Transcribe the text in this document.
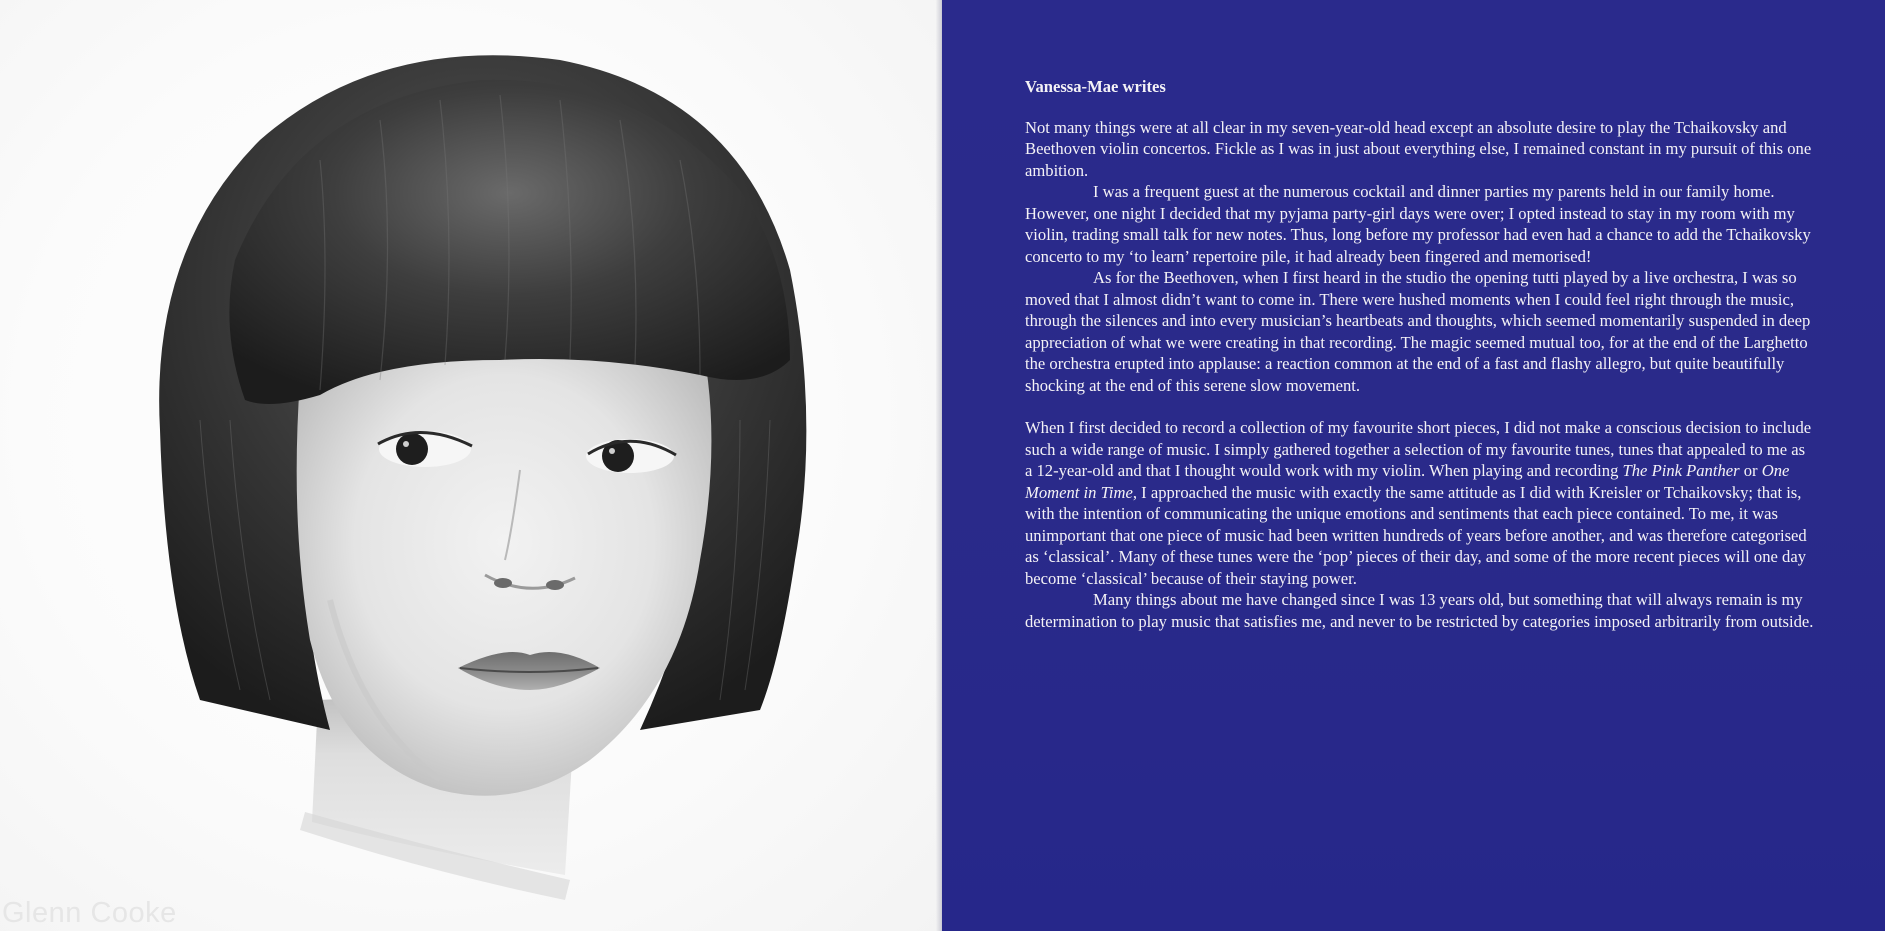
Glenn Cooke

Vanessa-Mae writes

Not many things were at all clear in my seven-year-old head except an absolute desire to play the Tchaikovsky and Beethoven violin concertos. Fickle as I was in just about everything else, I remained constant in my pursuit of this one ambition.

I was a frequent guest at the numerous cocktail and dinner parties my parents held in our family home. However, one night I decided that my pyjama party-girl days were over; I opted instead to stay in my room with my violin, trading small talk for new notes. Thus, long before my professor had even had a chance to add the Tchaikovsky concerto to my ‘to learn’ repertoire pile, it had already been fingered and memorised!

As for the Beethoven, when I first heard in the studio the opening tutti played by a live orchestra, I was so moved that I almost didn’t want to come in. There were hushed moments when I could feel right through the music, through the silences and into every musician’s heartbeats and thoughts, which seemed momentarily suspended in deep appreciation of what we were creating in that recording. The magic seemed mutual too, for at the end of the Larghetto the orchestra erupted into applause: a reaction common at the end of a fast and flashy allegro, but quite beautifully shocking at the end of this serene slow movement.

When I first decided to record a collection of my favourite short pieces, I did not make a conscious decision to include such a wide range of music. I simply gathered together a selection of my favourite tunes, tunes that appealed to me as a 12-year-old and that I thought would work with my violin. When playing and recording The Pink Panther or One Moment in Time, I approached the music with exactly the same attitude as I did with Kreisler or Tchaikovsky; that is, with the intention of communicating the unique emotions and sentiments that each piece contained. To me, it was unimportant that one piece of music had been written hundreds of years before another, and was therefore categorised as ‘classical’. Many of these tunes were the ‘pop’ pieces of their day, and some of the more recent pieces will one day become ‘classical’ because of their staying power.

Many things about me have changed since I was 13 years old, but something that will always remain is my determination to play music that satisfies me, and never to be restricted by categories imposed arbitrarily from outside.
